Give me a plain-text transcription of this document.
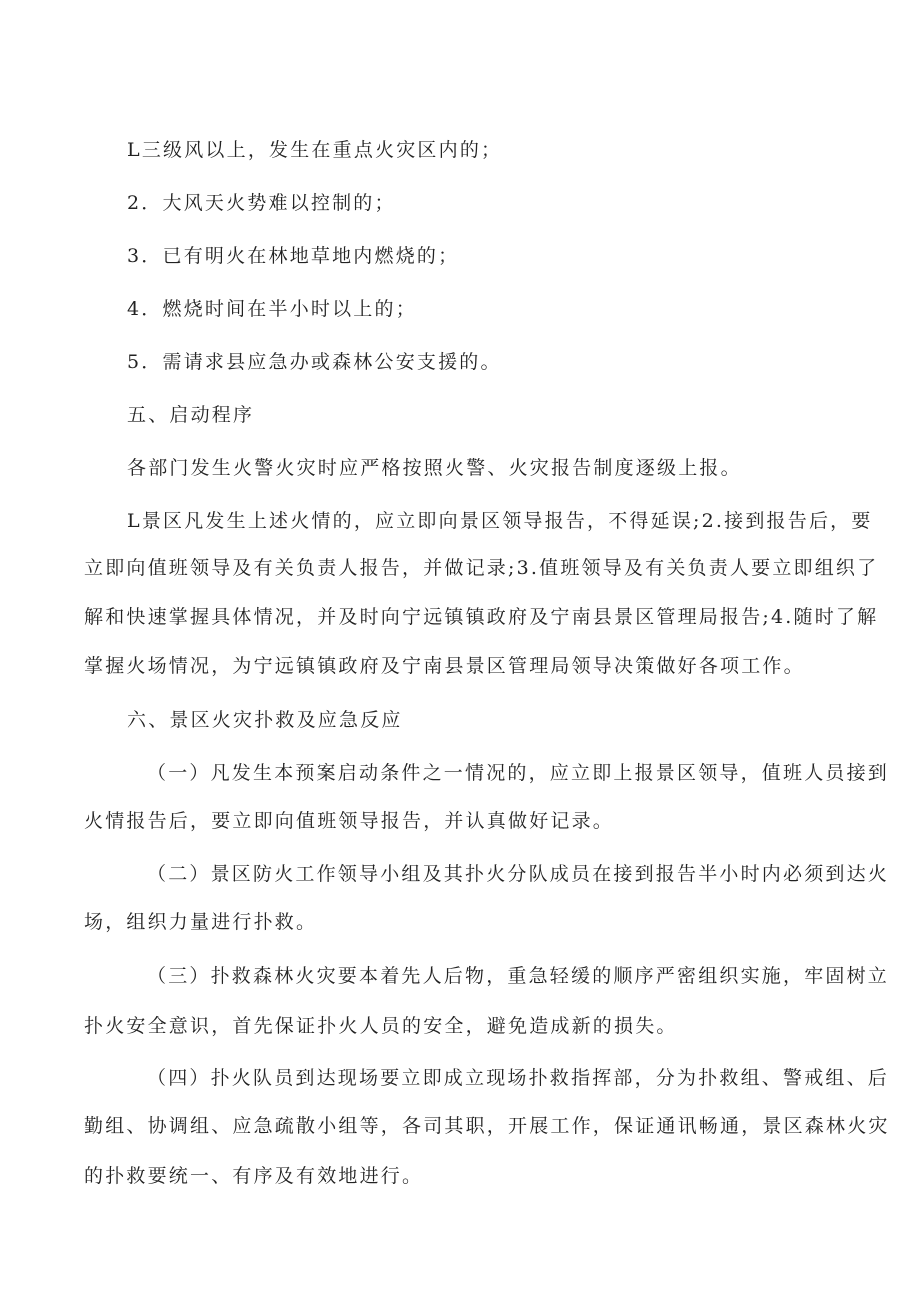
L三级风以上，发生在重点火灾区内的；
2．大风天火势难以控制的；
3．已有明火在林地草地内燃烧的；
4．燃烧时间在半小时以上的；
5．需请求县应急办或森林公安支援的。
五、启动程序
各部门发生火警火灾时应严格按照火警、火灾报告制度逐级上报。
L景区凡发生上述火情的，应立即向景区领导报告，不得延误;2.接到报告后，要
立即向值班领导及有关负责人报告，并做记录;3.值班领导及有关负责人要立即组织了
解和快速掌握具体情况，并及时向宁远镇镇政府及宁南县景区管理局报告;4.随时了解
掌握火场情况，为宁远镇镇政府及宁南县景区管理局领导决策做好各项工作。
六、景区火灾扑救及应急反应
（一）凡发生本预案启动条件之一情况的，应立即上报景区领导，值班人员接到
火情报告后，要立即向值班领导报告，并认真做好记录。
（二）景区防火工作领导小组及其扑火分队成员在接到报告半小时内必须到达火
场，组织力量进行扑救。
（三）扑救森林火灾要本着先人后物，重急轻缓的顺序严密组织实施，牢固树立
扑火安全意识，首先保证扑火人员的安全，避免造成新的损失。
（四）扑火队员到达现场要立即成立现场扑救指挥部，分为扑救组、警戒组、后
勤组、协调组、应急疏散小组等，各司其职，开展工作，保证通讯畅通，景区森林火灾
的扑救要统一、有序及有效地进行。
